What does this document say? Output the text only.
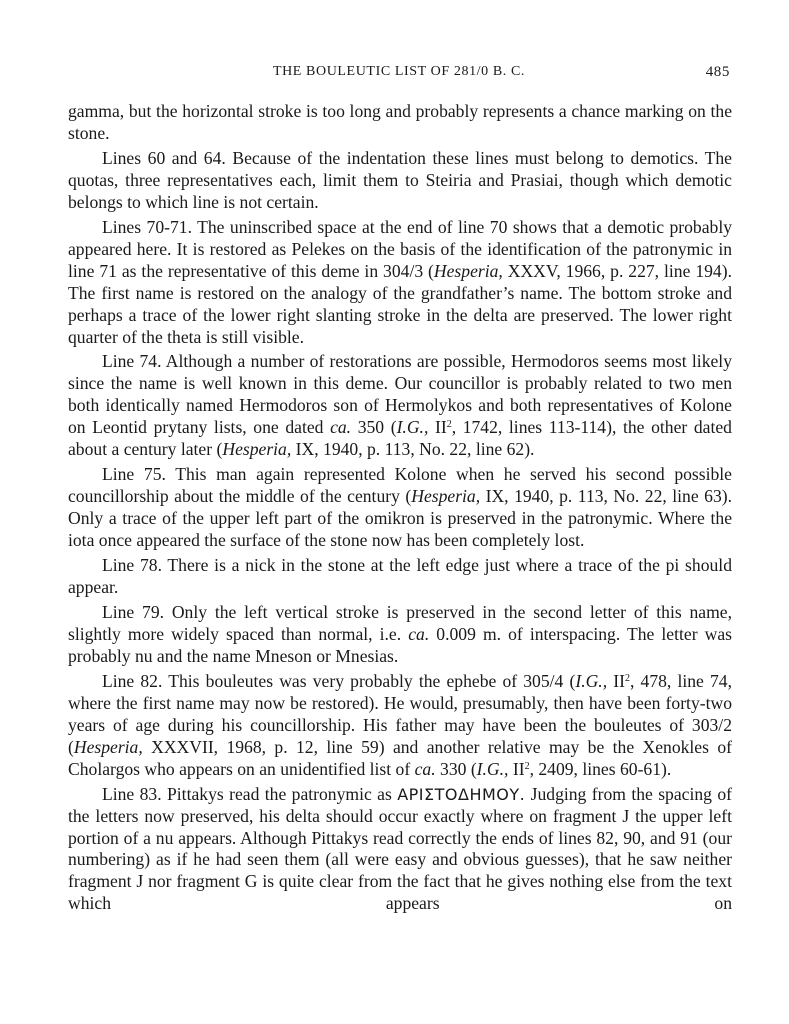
THE BOULEUTIC LIST OF 281/0 B. C.	485

gamma, but the horizontal stroke is too long and probably represents a chance marking on the stone.

Lines 60 and 64. Because of the indentation these lines must belong to demotics. The quotas, three representatives each, limit them to Steiria and Prasiai, though which demotic belongs to which line is not certain.

Lines 70-71. The uninscribed space at the end of line 70 shows that a demotic probably appeared here. It is restored as Pelekes on the basis of the identification of the patronymic in line 71 as the representative of this deme in 304/3 (Hesperia, XXXV, 1966, p. 227, line 194). The first name is restored on the analogy of the grandfather’s name. The bottom stroke and perhaps a trace of the lower right slanting stroke in the delta are preserved. The lower right quarter of the theta is still visible.

Line 74. Although a number of restorations are possible, Hermodoros seems most likely since the name is well known in this deme. Our councillor is probably related to two men both identically named Hermodoros son of Hermolykos and both representatives of Kolone on Leontid prytany lists, one dated ca. 350 (I.G., $II^2$, 1742, lines 113-114), the other dated about a century later (Hesperia, IX, 1940, p. 113, No. 22, line 62).

Line 75. This man again represented Kolone when he served his second possible councillorship about the middle of the century (Hesperia, IX, 1940, p. 113, No. 22, line 63). Only a trace of the upper left part of the omikron is preserved in the patronymic. Where the iota once appeared the surface of the stone now has been completely lost.

Line 78. There is a nick in the stone at the left edge just where a trace of the pi should appear.

Line 79. Only the left vertical stroke is preserved in the second letter of this name, slightly more widely spaced than normal, i.e. ca. 0.009 m. of interspacing. The letter was probably nu and the name Mneson or Mnesias.

Line 82. This bouleutes was very probably the ephebe of 305/4 (I.G., $II^2$, 478, line 74, where the first name may now be restored). He would, presumably, then have been forty-two years of age during his councillorship. His father may have been the bouleutes of 303/2 (Hesperia, XXXVII, 1968, p. 12, line 59) and another relative may be the Xenokles of Cholargos who appears on an unidentified list of ca. 330 (I.G., $II^2$, 2409, lines 60-61).

Line 83. Pittakys read the patronymic as ΑΡΙΣΤΟΔΗΜΟΥ. Judging from the spacing of the letters now preserved, his delta should occur exactly where on fragment J the upper left portion of a nu appears. Although Pittakys read correctly the ends of lines 82, 90, and 91 (our numbering) as if he had seen them (all were easy and obvious guesses), that he saw neither fragment J nor fragment G is quite clear from the fact that he gives nothing else from the text which appears on
